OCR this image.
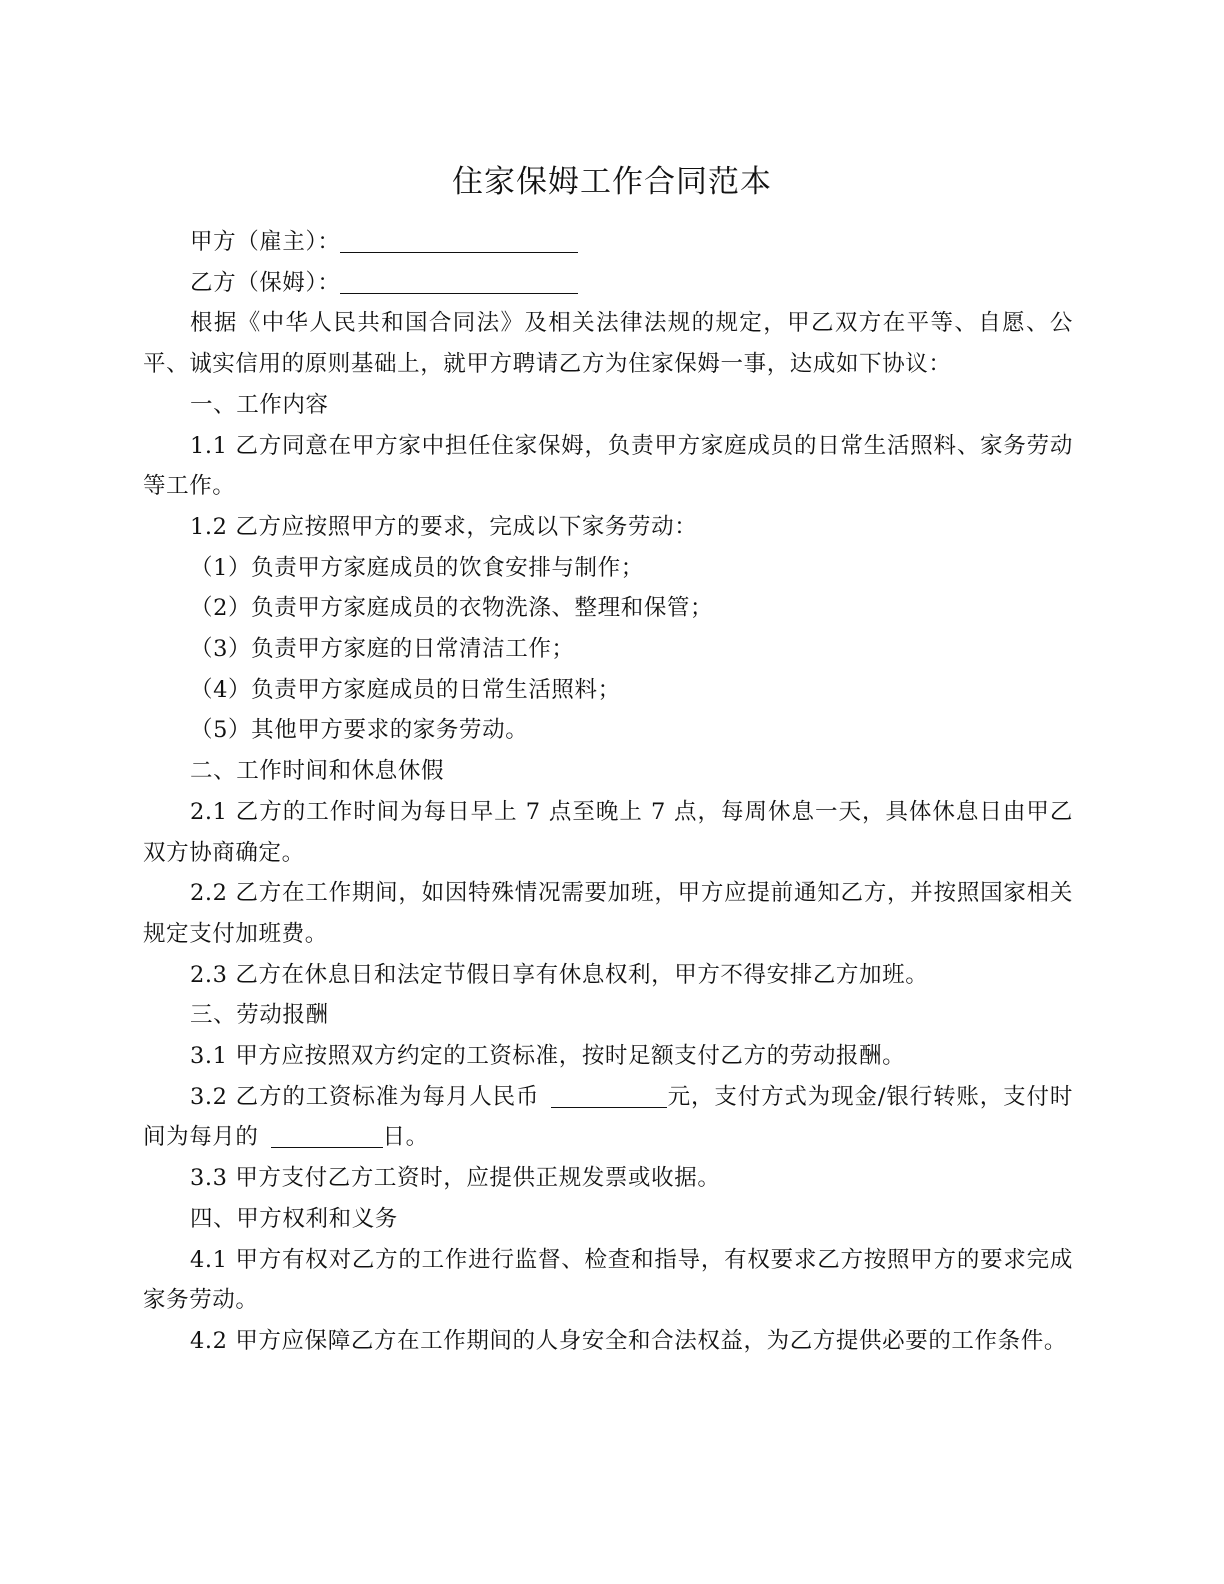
住家保姆工作合同范本

甲方（雇主）：

乙方（保姆）：

根据《中华人民共和国合同法》及相关法律法规的规定，甲乙双方在平等、自愿、公平、诚实信用的原则基础上，就甲方聘请乙方为住家保姆一事，达成如下协议：

一、工作内容

1.1 乙方同意在甲方家中担任住家保姆，负责甲方家庭成员的日常生活照料、家务劳动等工作。

1.2 乙方应按照甲方的要求，完成以下家务劳动：

（1）负责甲方家庭成员的饮食安排与制作；

（2）负责甲方家庭成员的衣物洗涤、整理和保管；

（3）负责甲方家庭的日常清洁工作；

（4）负责甲方家庭成员的日常生活照料；

（5）其他甲方要求的家务劳动。

二、工作时间和休息休假

2.1 乙方的工作时间为每日早上 7 点至晚上 7 点，每周休息一天，具体休息日由甲乙双方协商确定。

2.2 乙方在工作期间，如因特殊情况需要加班，甲方应提前通知乙方，并按照国家相关规定支付加班费。

2.3 乙方在休息日和法定节假日享有休息权利，甲方不得安排乙方加班。

三、劳动报酬

3.1 甲方应按照双方约定的工资标准，按时足额支付乙方的劳动报酬。

3.2 乙方的工资标准为每月人民币	元，支付方式为现金/银行转账，支付时间为每月的	日。

3.3 甲方支付乙方工资时，应提供正规发票或收据。

四、甲方权利和义务

4.1 甲方有权对乙方的工作进行监督、检查和指导，有权要求乙方按照甲方的要求完成家务劳动。

4.2 甲方应保障乙方在工作期间的人身安全和合法权益，为乙方提供必要的工作条件。
